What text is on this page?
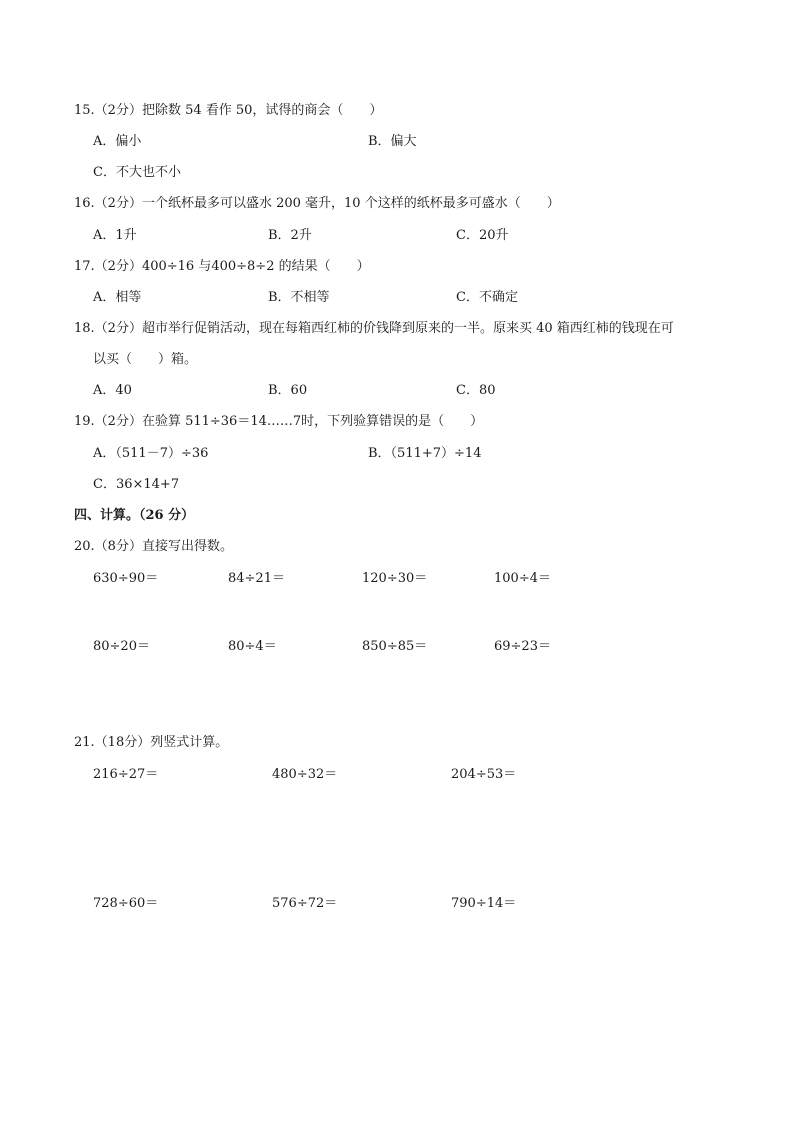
15.（2分）把除数 54 看作 50，试得的商会（　　）
A．偏小	B．偏大
C．不大也不小
16.（2分）一个纸杯最多可以盛水 200 毫升，10 个这样的纸杯最多可盛水（　　）
A．1升	B．2升	C．20升
17.（2分）400÷16 与400÷8÷2 的结果（　　）
A．相等	B．不相等	C．不确定
18.（2分）超市举行促销活动，现在每箱西红柿的价钱降到原来的一半。原来买 40 箱西红柿的钱现在可
以买（　　）箱。
A．40	B．60	C．80
19.（2分）在验算 511÷36＝14……7时，下列验算错误的是（　　）
A．（511－7）÷36	B．（511+7）÷14
C．36×14+7
四、计算。（26 分）
20.（8分）直接写出得数。
630÷90＝	84÷21＝	120÷30＝	100÷4＝
80÷20＝	80÷4＝	850÷85＝	69÷23＝
21.（18分）列竖式计算。
216÷27＝	480÷32＝	204÷53＝
728÷60＝	576÷72＝	790÷14＝
